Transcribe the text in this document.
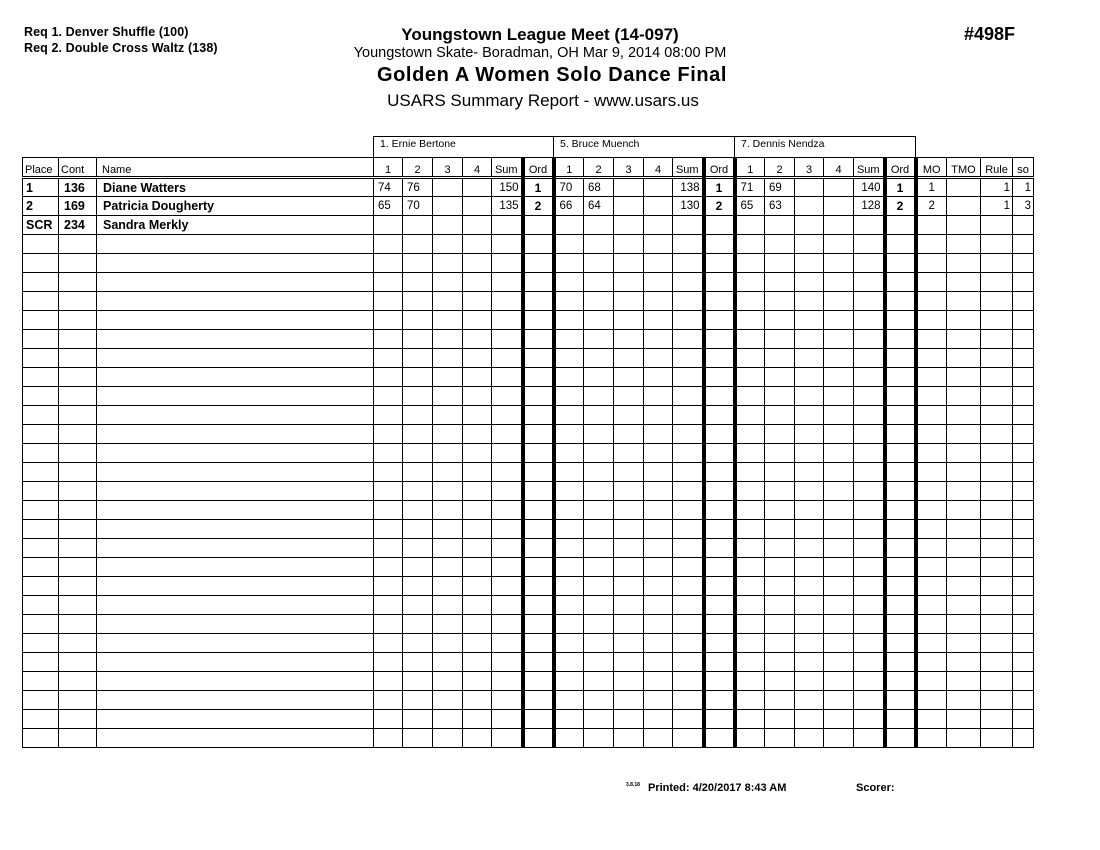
Req 1. Denver Shuffle (100)
Req 2. Double Cross Waltz (138)
Youngstown League Meet (14-097)
Youngstown Skate- Boradman, OH Mar 9, 2014 08:00 PM
Golden A Women Solo Dance Final
USARS Summary Report - www.usars.us
#498F
1. Ernie Bertone	5. Bruce Muench	7. Dennis Nendza
Place	Cont	Name	1	2	3	4	Sum	Ord	1	2	3	4	Sum	Ord	1	2	3	4	Sum	Ord	MO	TMO	Rule	so
1	136	Diane Watters	74	76			150	1	70	68			138	1	71	69			140	1	1		1	1
2	169	Patricia Dougherty	65	70			135	2	66	64			130	2	65	63			128	2	2		1	3
SCR	234	Sandra Merkly																						

3.8.18 Printed: 4/20/2017 8:43 AM	Scorer:
